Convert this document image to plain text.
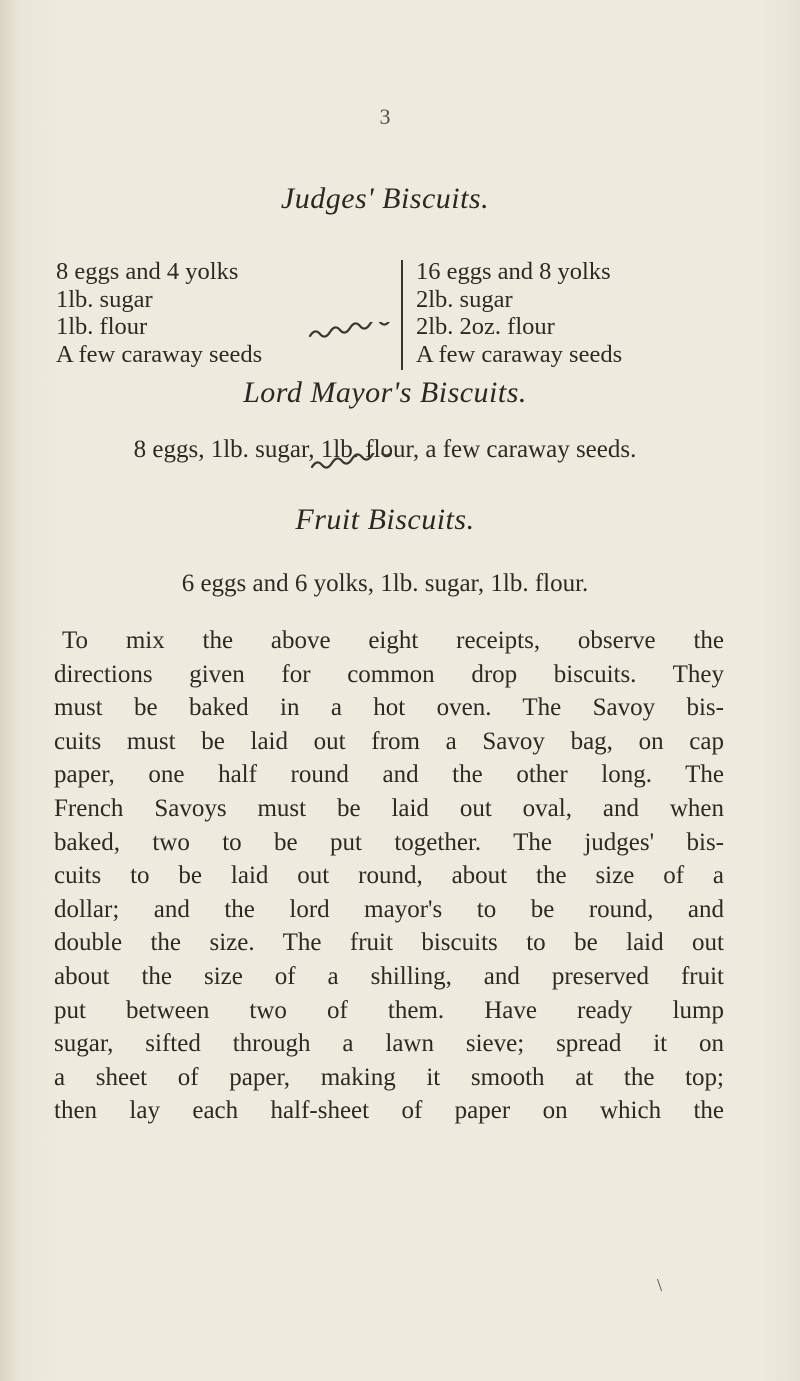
3
Judges' Biscuits.
8 eggs and 4 yolks
1lb. sugar
1lb. flour
A few caraway seeds
16 eggs and 8 yolks
2lb. sugar
2lb. 2oz. flour
A few caraway seeds
Lord Mayor's Biscuits.
8 eggs, 1lb. sugar, 1lb. flour, a few caraway seeds.
Fruit Biscuits.
6 eggs and 6 yolks, 1lb. sugar, 1lb. flour.
To mix the above eight receipts, observe the
directions given for common drop biscuits. They
must be baked in a hot oven. The Savoy bis-
cuits must be laid out from a Savoy bag, on cap
paper, one half round and the other long. The
French Savoys must be laid out oval, and when
baked, two to be put together. The judges' bis-
cuits to be laid out round, about the size of a
dollar; and the lord mayor's to be round, and
double the size. The fruit biscuits to be laid out
about the size of a shilling, and preserved fruit
put between two of them. Have ready lump
sugar, sifted through a lawn sieve; spread it on
a sheet of paper, making it smooth at the top;
then lay each half-sheet of paper on which the
\
